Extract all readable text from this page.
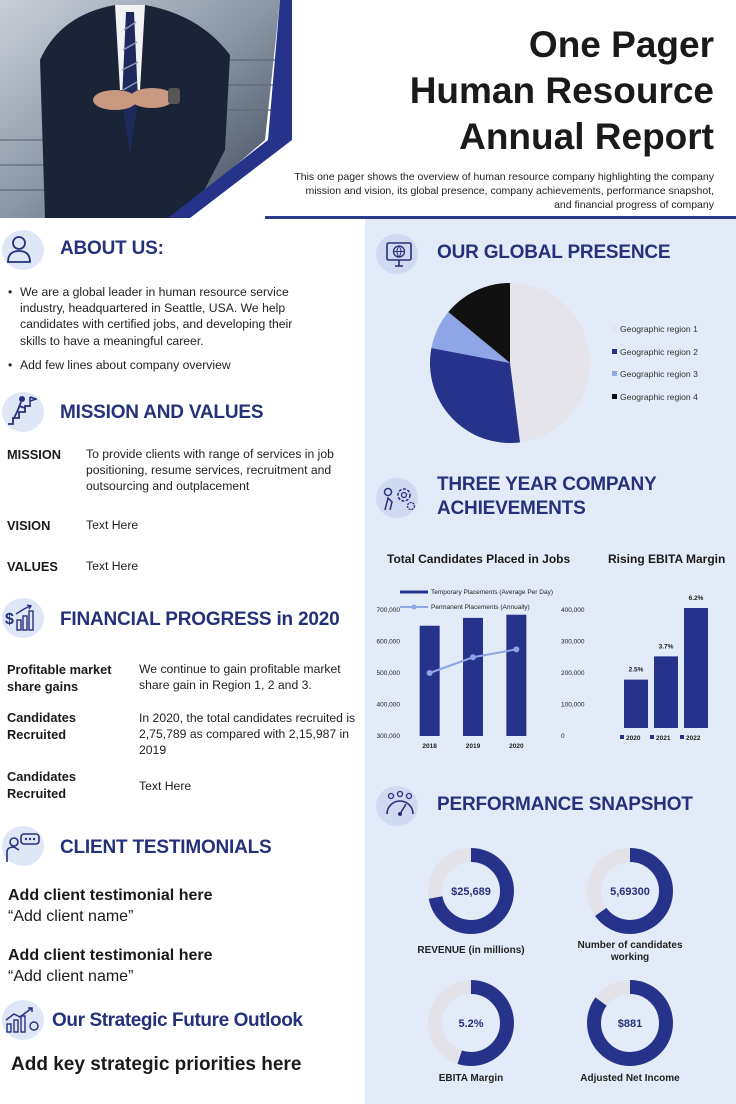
One Pager
Human Resource
Annual Report
This one pager shows the overview of human resource company highlighting the company mission and vision, its global presence, company achievements, performance snapshot, and financial progress of company
ABOUT US:
• We are a global leader in human resource service industry, headquartered in Seattle, USA. We help candidates with certified jobs, and developing their skills to have a meaningful career.
• Add few lines about company overview
MISSION AND VALUES
MISSION To provide clients with range of services in job positioning, resume services, recruitment and outsourcing and outplacement
VISION	Text Here
VALUES Text Here
$ FINANCIAL PROGRESS in 2020
Profitable market share gains
We continue to gain profitable market share gain in Region 1, 2 and 3.
Candidates Recruited
In 2020, the total candidates recruited is 2,75,789 as compared with 2,15,987 in 2019
Candidates Recruited
Text Here
CLIENT TESTIMONIALS
Add client testimonial here
“Add client name”
Add client testimonial here
“Add client name”
Our Strategic Future Outlook
Add key strategic priorities here
OUR GLOBAL PRESENCE
Geographic region 1
Geographic region 2
Geographic region 3
Geographic region 4
THREE YEAR COMPANY
ACHIEVEMENTS
Total Candidates Placed in Jobs	Rising EBITA Margin
Temporary Placements (Average Per Day)
Permanent Placements (Annually)
300,000
400,000
500,000
600,000
700,000
0
100,000
200,000
300,000
400,000
2018	2019	2020
2.5%
3.7%
6.2%
2020 2021 2022
PERFORMANCE SNAPSHOT
$25,689	5,69300
5.2%	$881
REVENUE (in millions)	Number of candidates working
EBITA Margin	Adjusted Net Income
